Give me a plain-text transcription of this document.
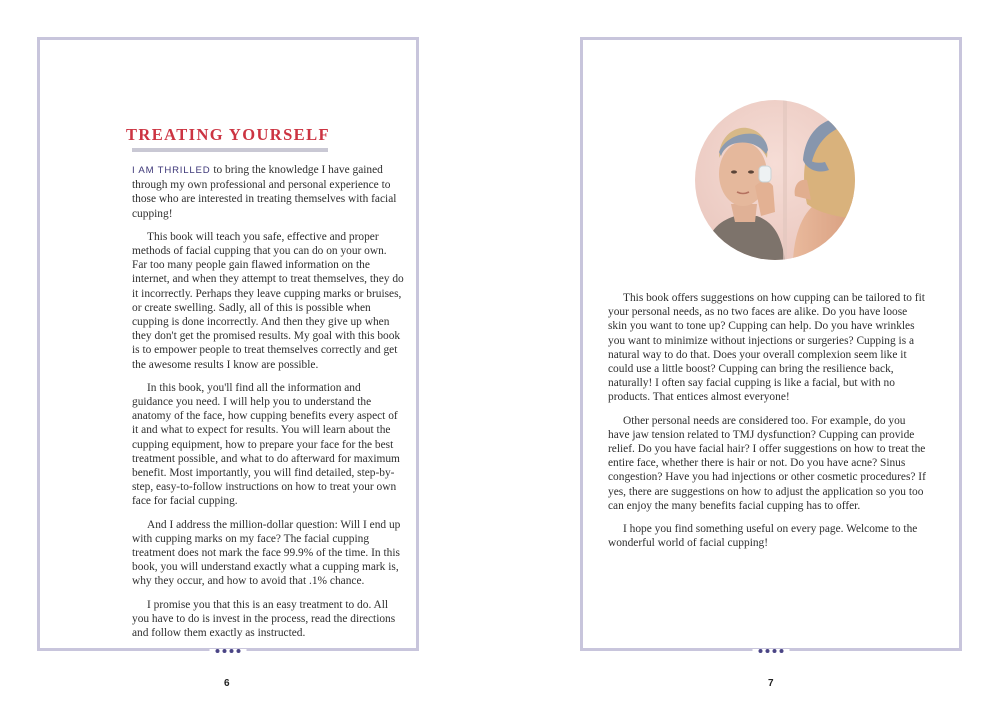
TREATING YOURSELF

I AM THRILLED to bring the knowledge I have gained through my own professional and personal experience to those who are interested in treating themselves with facial cupping!

This book will teach you safe, effective and proper methods of facial cupping that you can do on your own. Far too many people gain flawed information on the internet, and when they attempt to treat themselves, they do it incorrectly. Perhaps they leave cupping marks or bruises, or create swelling. Sadly, all of this is possible when cupping is done incorrectly. And then they give up when they don't get the promised results. My goal with this book is to empower people to treat themselves correctly and get the awesome results I know are possible.

In this book, you'll find all the information and guidance you need. I will help you to understand the anatomy of the face, how cupping benefits every aspect of it and what to expect for results. You will learn about the cupping equipment, how to prepare your face for the best treatment possible, and what to do afterward for maximum benefit. Most importantly, you will find detailed, step-by-step, easy-to-follow instructions on how to treat your own face for facial cupping.

And I address the million-dollar question: Will I end up with cupping marks on my face? The facial cupping treatment does not mark the face 99.9% of the time. In this book, you will understand exactly what a cupping mark is, why they occur, and how to avoid that .1% chance.

I promise you that this is an easy treatment to do. All you have to do is invest in the process, read the directions and follow them exactly as instructed.

This book offers suggestions on how cupping can be tailored to fit your personal needs, as no two faces are alike. Do you have loose skin you want to tone up? Cupping can help. Do you have wrinkles you want to minimize without injections or surgeries? Cupping is a natural way to do that. Does your overall complexion seem like it could use a little boost? Cupping can bring the resilience back, naturally! I often say facial cupping is like a facial, but with no products. That entices almost everyone!

Other personal needs are considered too. For example, do you have jaw tension related to TMJ dysfunction? Cupping can provide relief. Do you have facial hair? I offer suggestions on how to treat the entire face, whether there is hair or not. Do you have acne? Sinus congestion? Have you had injections or other cosmetic procedures? If yes, there are suggestions on how to adjust the application so you too can enjoy the many benefits facial cupping has to offer.

I hope you find something useful on every page. Welcome to the wonderful world of facial cupping!

6	7
